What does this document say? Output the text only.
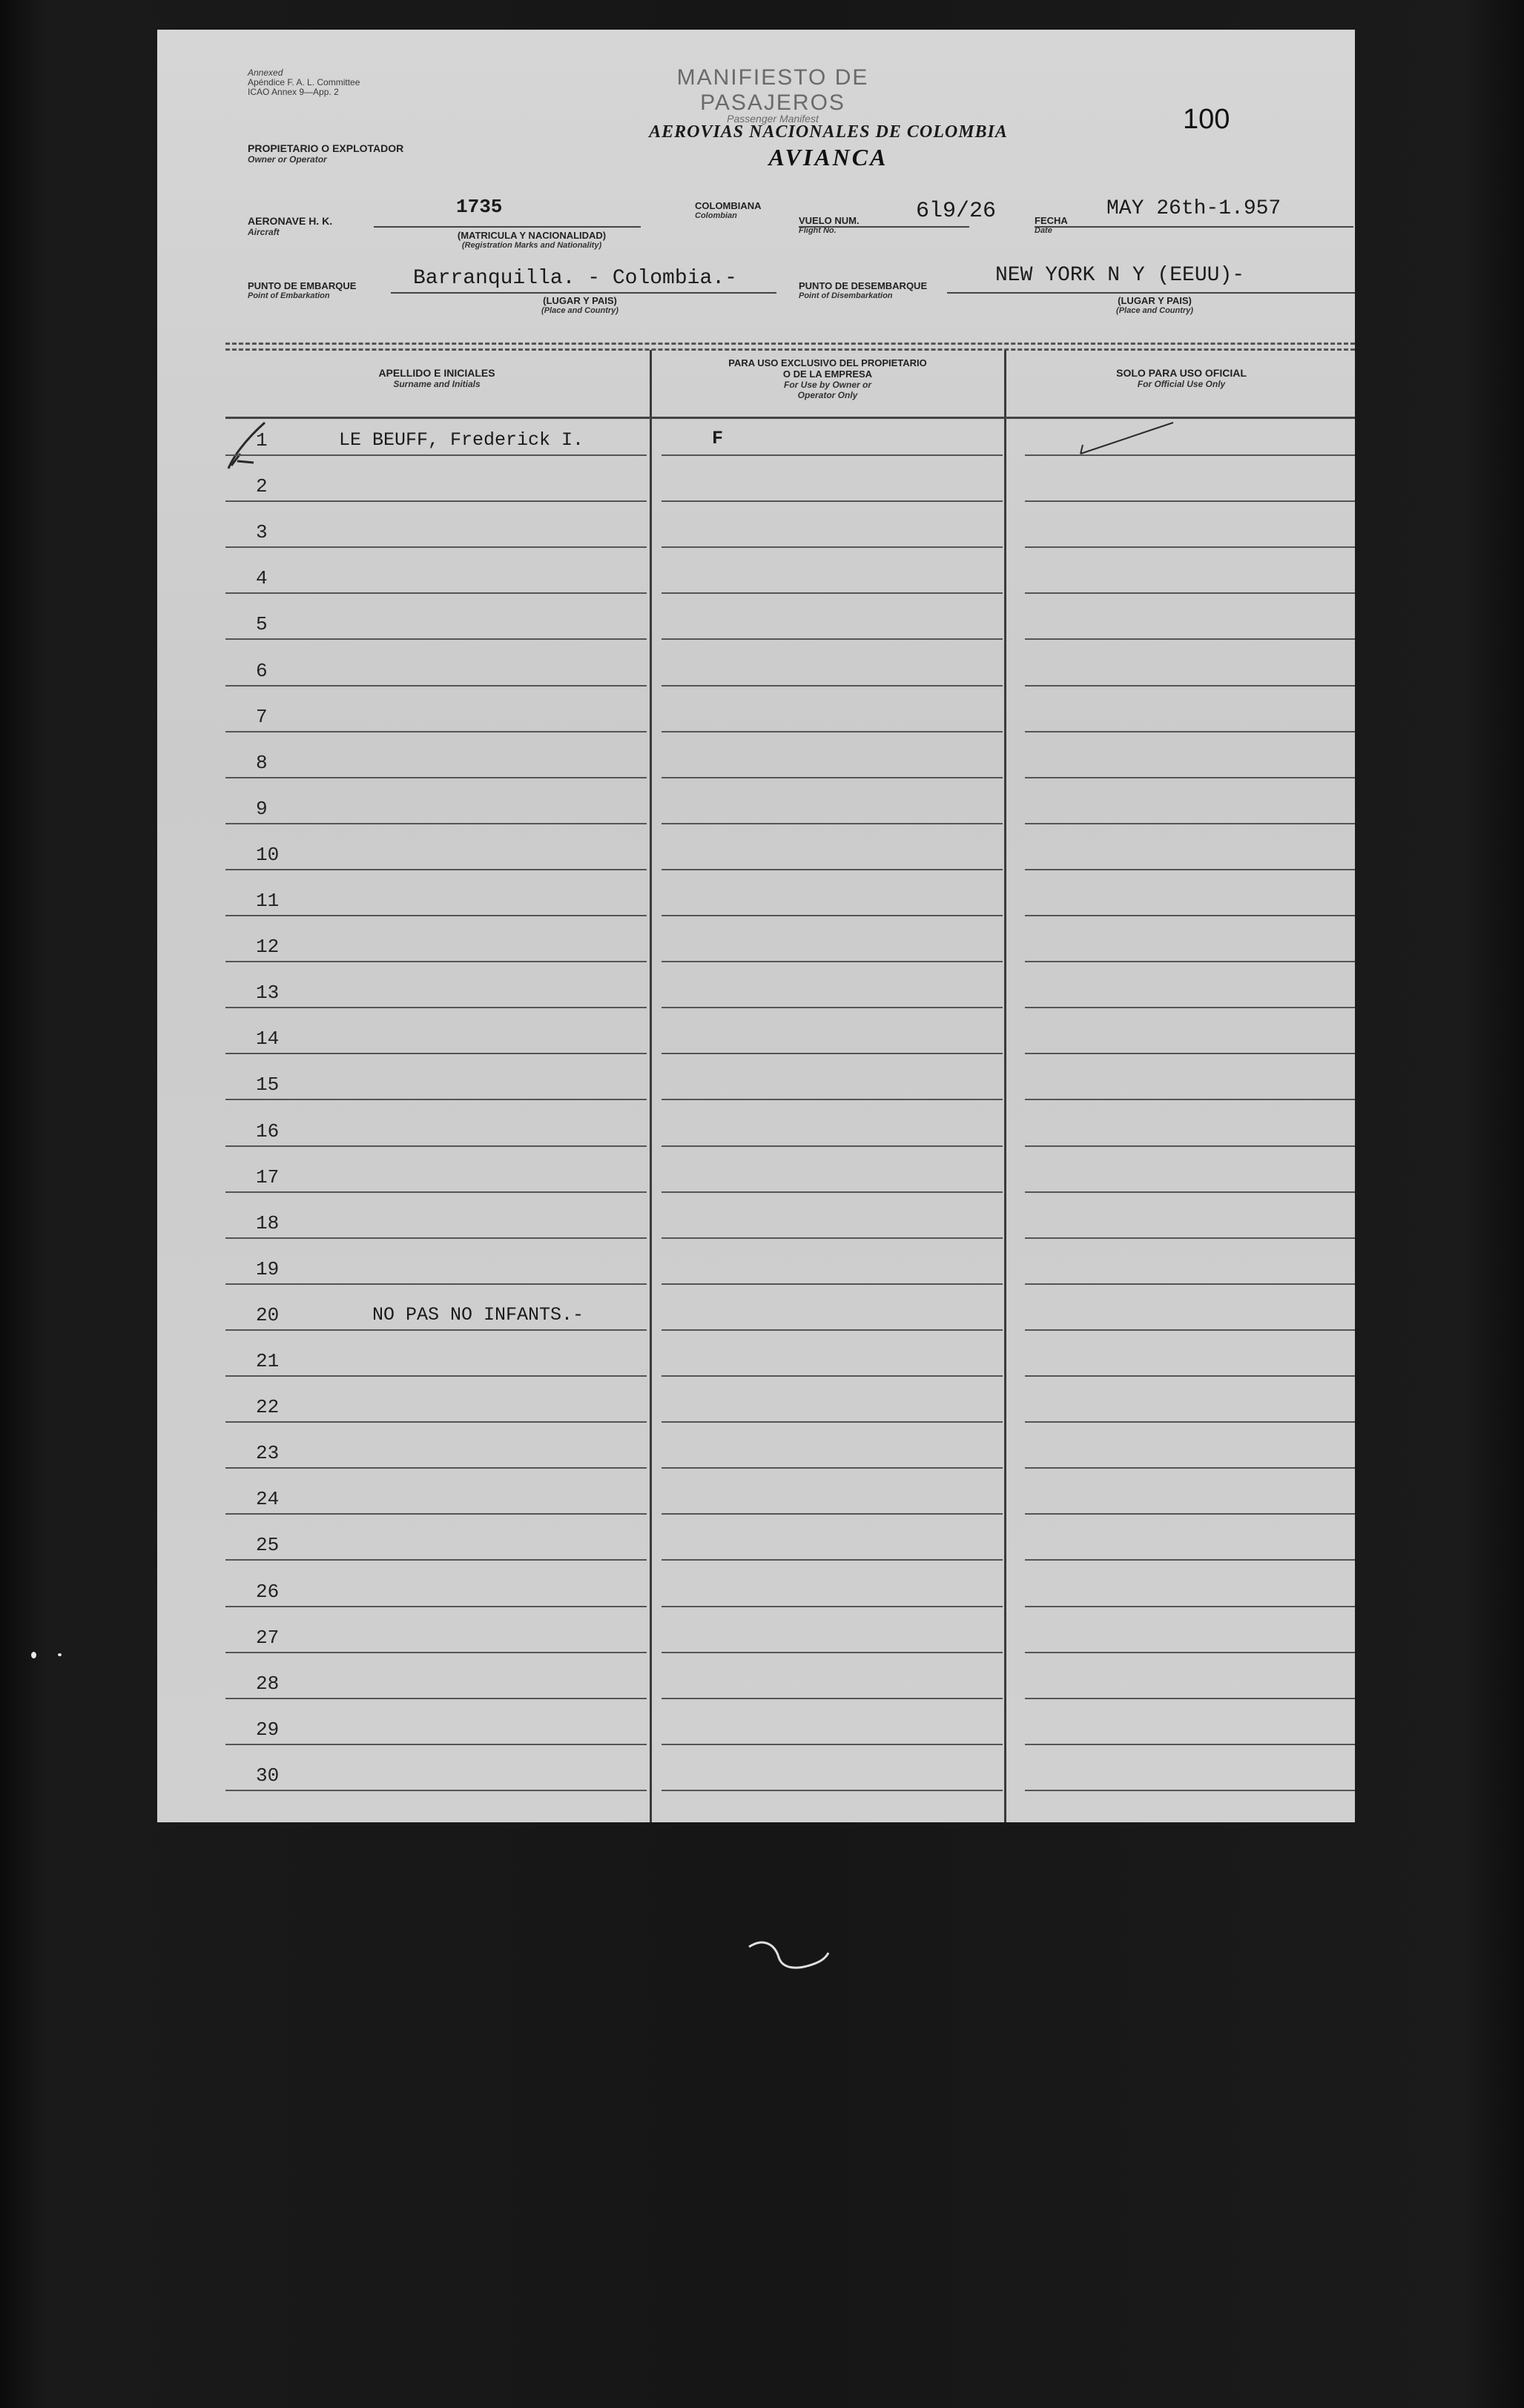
Annexed
Apéndice F. A. L. Committee
ICAO Annex 9—App. 2
MANIFIESTO DE PASAJEROS
Passenger Manifest	100
AEROVIAS NACIONALES DE COLOMBIA
AVIANCA
PROPIETARIO O EXPLOTADOR
Owner or Operator
AERONAVE H. K.
Aircraft
1735
(MATRICULA Y NACIONALIDAD)
(Registration Marks and Nationality)
COLOMBIANA
Colombian	VUELO NUM.
Flight No.
6l9/26	FECHA
Date
MAY 26th-1.957
PUNTO DE EMBARQUE
Point of Embarkation
Barranquilla. - Colombia.-
(LUGAR Y PAIS)
(Place and Country)
PUNTO DE DESEMBARQUE
Point of Disembarkation
NEW YORK N Y (EEUU)-
(LUGAR Y PAIS)
(Place and Country)
APELLIDO E INICIALES
Surname and Initials
PARA USO EXCLUSIVO DEL PROPIETARIO
O DE LA EMPRESA
For Use by Owner or
Operator Only
SOLO PARA USO OFICIAL
For Official Use Only
1	LE BEUFF, Frederick I.	F
2
3
4
5
6
7
8
9
10
11
12
13
14
15
16
17
18
19
20	NO PAS NO INFANTS.-
21
22
23
24
25
26
27
28
29
30
